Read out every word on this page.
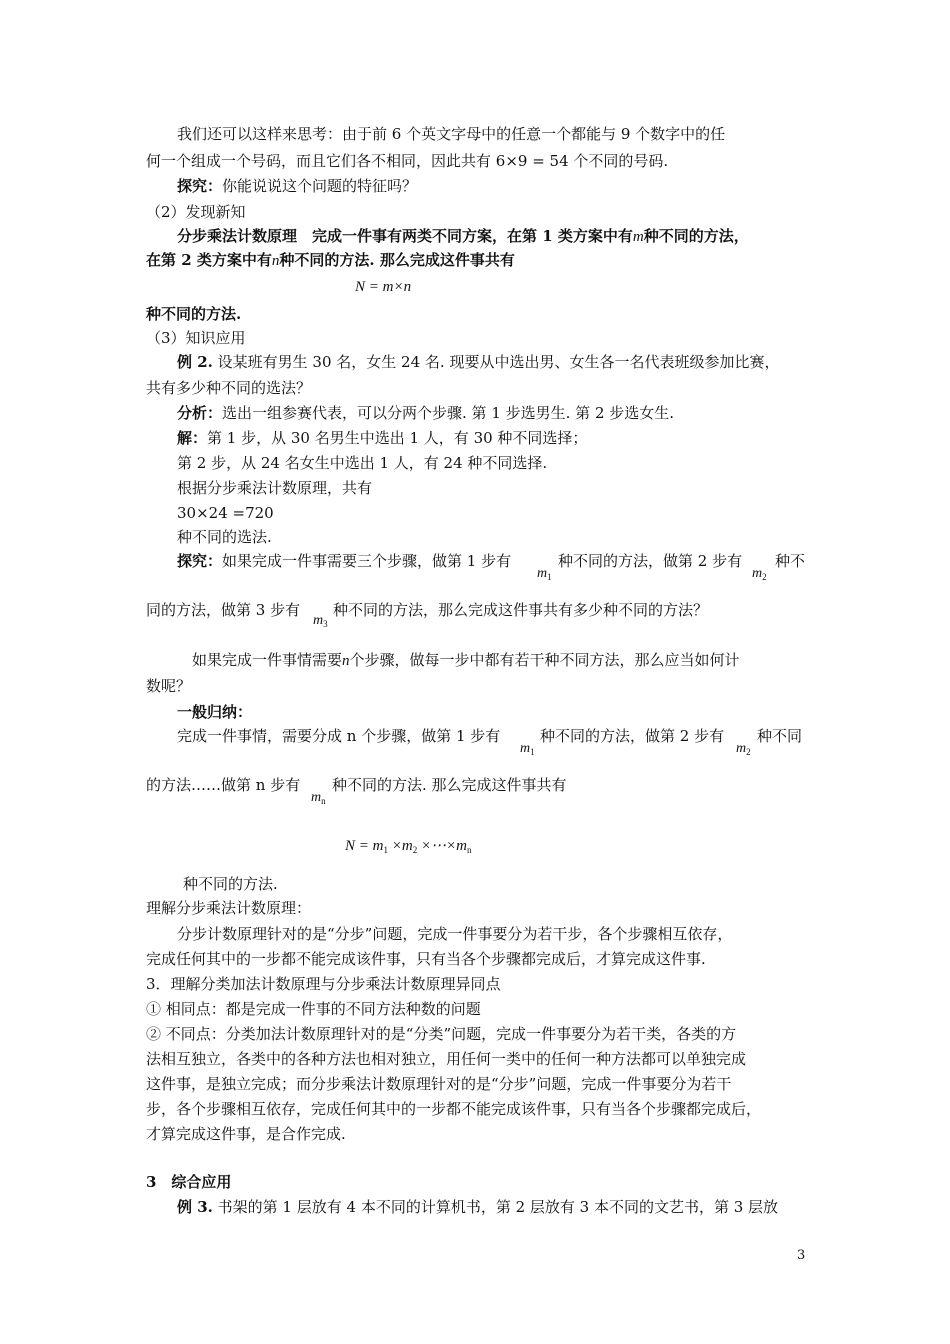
我们还可以这样来思考：由于前 6 个英文字母中的任意一个都能与 9 个数字中的任
何一个组成一个号码，而且它们各不相同，因此共有 6×9 = 54 个不同的号码.
探究：你能说说这个问题的特征吗？
（2）发现新知
分步乘法计数原理　完成一件事有两类不同方案，在第 1 类方案中有m种不同的方法，
在第 2 类方案中有n种不同的方法. 那么完成这件事共有
N = m×n
种不同的方法.
（3）知识应用
例 2. 设某班有男生 30 名，女生 24 名. 现要从中选出男、女生各一名代表班级参加比赛，
共有多少种不同的选法？
分析：选出一组参赛代表，可以分两个步骤. 第 1 步选男生. 第 2 步选女生.
解：第 1 步，从 30 名男生中选出 1 人，有 30 种不同选择；
第 2 步，从 24 名女生中选出 1 人，有 24 种不同选择.
根据分步乘法计数原理，共有
30×24 =720
种不同的选法.
探究：如果完成一件事需要三个步骤，做第 1 步有
$m_1$
种不同的方法，做第 2 步有
$m_2$
种不
同的方法，做第 3 步有
$m_3$
种不同的方法，那么完成这件事共有多少种不同的方法？
如果完成一件事情需要n个步骤，做每一步中都有若干种不同方法，那么应当如何计
数呢？
一般归纳：
完成一件事情，需要分成 n 个步骤，做第 1 步有
$m_1$
种不同的方法，做第 2 步有
$m_2$
种不同
的方法……做第 n 步有
$m_n$
种不同的方法. 那么完成这件事共有
$N = m_1 \times m_2$ $\times\cdots\times m_n$
种不同的方法.
理解分步乘法计数原理：
分步计数原理针对的是“分步”问题，完成一件事要分为若干步，各个步骤相互依存，
完成任何其中的一步都不能完成该件事，只有当各个步骤都完成后，才算完成这件事.
3．理解分类加法计数原理与分步乘法计数原理异同点
① 相同点：都是完成一件事的不同方法种数的问题
② 不同点：分类加法计数原理针对的是“分类”问题，完成一件事要分为若干类，各类的方
法相互独立，各类中的各种方法也相对独立，用任何一类中的任何一种方法都可以单独完成
这件事，是独立完成；而分步乘法计数原理针对的是“分步”问题，完成一件事要分为若干
步，各个步骤相互依存，完成任何其中的一步都不能完成该件事，只有当各个步骤都完成后，
才算完成这件事，是合作完成.
3　综合应用
例 3. 书架的第 1 层放有 4 本不同的计算机书，第 2 层放有 3 本不同的文艺书，第 3 层放
3
